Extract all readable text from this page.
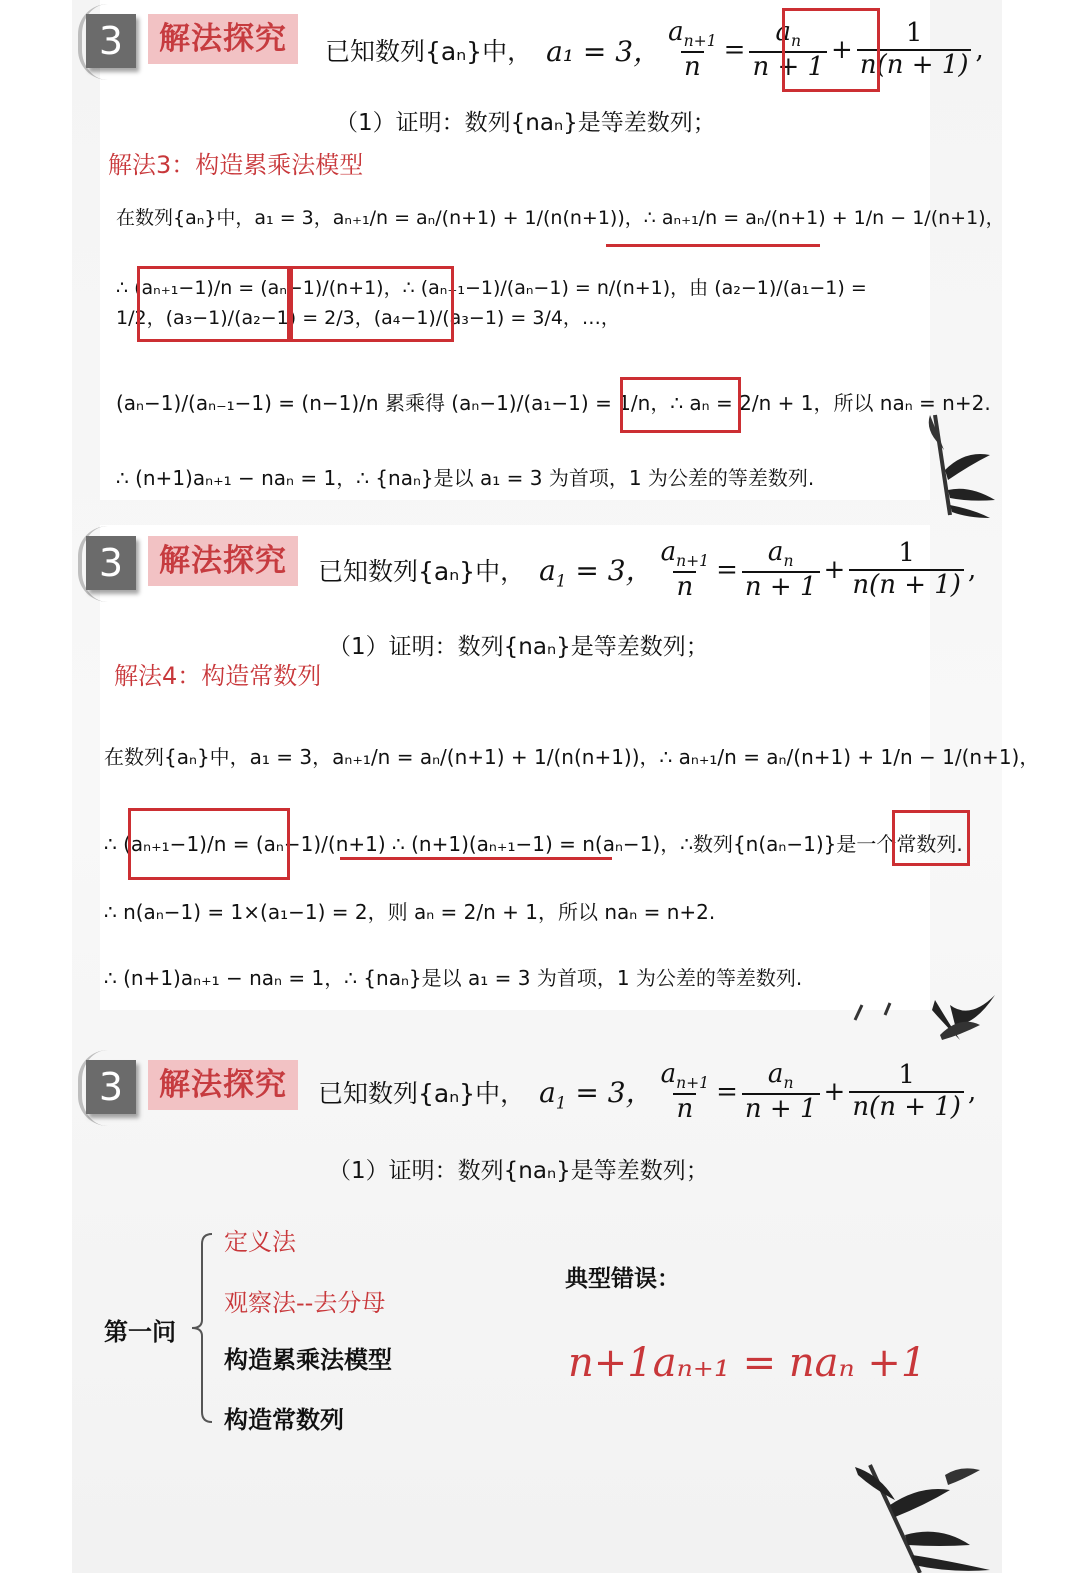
3	解法探究	已知数列{aₙ}中， a₁ = 3， $\frac{a_{n+1}}{n} = \frac{a_n}{n + 1} + \frac{1}{n(n + 1)}$ ,
（1）证明：数列{naₙ}是等差数列；
解法3：构造累乘法模型
在数列{aₙ}中，a₁ = 3，aₙ₊₁/n = aₙ/(n+1) + 1/(n(n+1))，∴ aₙ₊₁/n = aₙ/(n+1) + 1/n − 1/(n+1)，
∴ (aₙ₊₁−1)/n = (aₙ−1)/(n+1)，∴ (aₙ₊₁−1)/(aₙ−1) = n/(n+1)，由 (a₂−1)/(a₁−1) = 1/2，(a₃−1)/(a₂−1) = 2/3，(a₄−1)/(a₃−1) = 3/4，…，
(aₙ−1)/(aₙ₋₁−1) = (n−1)/n 累乘得 (aₙ−1)/(a₁−1) = 1/n，∴ aₙ = 2/n + 1，所以 naₙ = n+2.
∴ (n+1)aₙ₊₁ − naₙ = 1，∴ {naₙ}是以 a₁ = 3 为首项，1 为公差的等差数列.
3	解法探究	已知数列{aₙ}中， $a_1 = 3$， $\frac{a_{n+1}}{n} = \frac{a_n}{n + 1} + \frac{1}{n(n + 1)}$ ,
（1）证明：数列{naₙ}是等差数列；
解法4：构造常数列
在数列{aₙ}中，a₁ = 3，aₙ₊₁/n = aₙ/(n+1) + 1/(n(n+1))，∴ aₙ₊₁/n = aₙ/(n+1) + 1/n − 1/(n+1)，
∴ (aₙ₊₁−1)/n = (aₙ−1)/(n+1) ∴ (n+1)(aₙ₊₁−1) = n(aₙ−1)，∴数列{n(aₙ−1)}是一个常数列.
∴ n(aₙ−1) = 1×(a₁−1) = 2，则 aₙ = 2/n + 1，所以 naₙ = n+2.
∴ (n+1)aₙ₊₁ − naₙ = 1，∴ {naₙ}是以 a₁ = 3 为首项，1 为公差的等差数列.
3	解法探究	已知数列{aₙ}中， $a_1 = 3$， $\frac{a_{n+1}}{n} = \frac{a_n}{n + 1} + \frac{1}{n(n + 1)}$ ,
（1）证明：数列{naₙ}是等差数列；
第一问
定义法
观察法--去分母
构造累乘法模型
构造常数列
典型错误：
n+1aₙ₊₁ = naₙ +1
